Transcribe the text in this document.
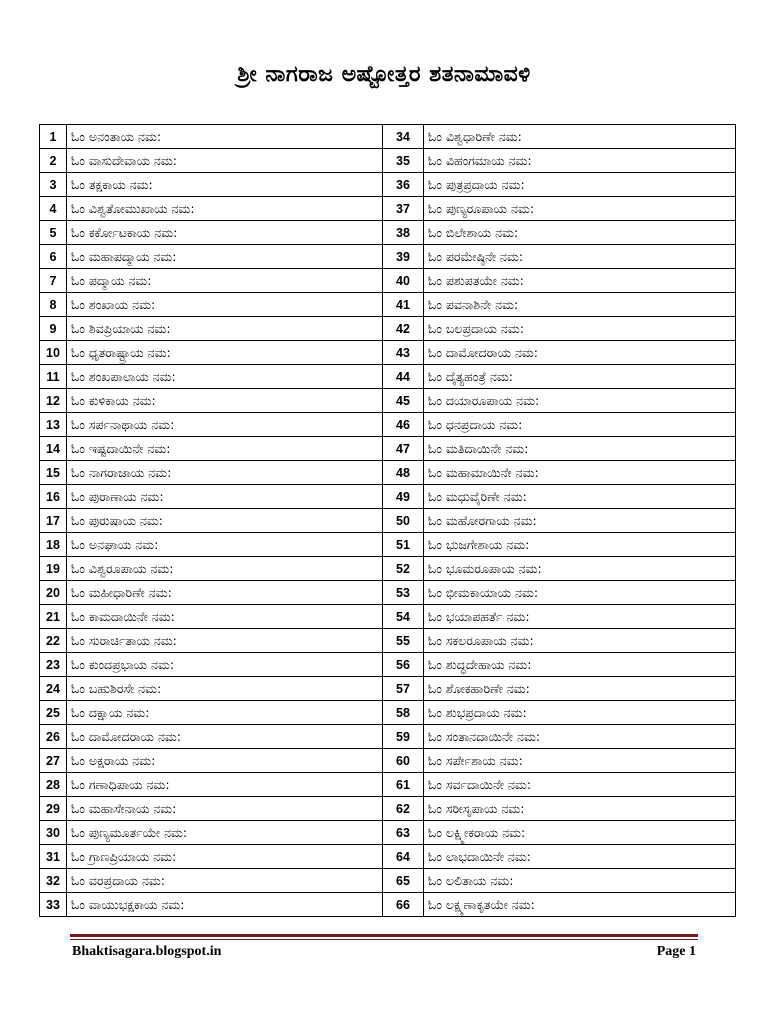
ಶ್ರೀ ನಾಗರಾಜ ಅಷ್ಟೋತ್ತರ ಶತನಾಮಾವಳಿ
1	ಓಂ ಅನಂತಾಯ ನಮ:	34	ಓಂ ವಿಶ್ವಧಾರಿಣೇ ನಮ:
2	ಓಂ ವಾಸುದೇವಾಯ ನಮ:	35	ಓಂ ವಿಹಂಗಮಾಯ ನಮ:
3	ಓಂ ತಕ್ಷಕಾಯ ನಮ:	36	ಓಂ ಪುತ್ರಪ್ರದಾಯ ನಮ:
4	ಓಂ ವಿಶ್ವತೋಮುಖಾಯ ನಮ:	37	ಓಂ ಪುಣ್ಯರೂಪಾಯ ನಮ:
5	ಓಂ ಕರ್ಕೋಟಕಾಯ ನಮ:	38	ಓಂ ಬಿಲೇಶಾಯ ನಮ:
6	ಓಂ ಮಹಾಪದ್ಮಾಯ ನಮ:	39	ಓಂ ಪರಮೇಷ್ಠಿನೇ ನಮ:
7	ಓಂ ಪದ್ಮಾಯ ನಮ:	40	ಓಂ ಪಶುಪತಯೇ ನಮ:
8	ಓಂ ಶಂಖಾಯ ನಮ:	41	ಓಂ ಪವನಾಶಿನೇ ನಮ:
9	ಓಂ ಶಿವಪ್ರಿಯಾಯ ನಮ:	42	ಓಂ ಬಲಪ್ರದಾಯ ನಮ:
10	ಓಂ ಧೃತರಾಷ್ಟ್ರಾಯ ನಮ:	43	ಓಂ ದಾಮೋದರಾಯ ನಮ:
11	ಓಂ ಶಂಖಪಾಲಾಯ ನಮ:	44	ಓಂ ದೈತ್ಯಹಂತ್ರೆ ನಮ:
12	ಓಂ ಕುಳಿಕಾಯ ನಮ:	45	ಓಂ ದಯಾರೂಪಾಯ ನಮ:
13	ಓಂ ಸರ್ಪನಾಥಾಯ ನಮ:	46	ಓಂ ಧನಪ್ರದಾಯ ನಮ:
14	ಓಂ ಇಷ್ಟದಾಯಿನೇ ನಮ:	47	ಓಂ ಮತಿದಾಯಿನೇ ನಮ:
15	ಓಂ ನಾಗರಾಜಾಯ ನಮ:	48	ಓಂ ಮಹಾಮಾಯಿನೇ ನಮ:
16	ಓಂ ಪುರಾಣಾಯ ನಮ:	49	ಓಂ ಮಧುವೈರಿಣೇ ನಮ:
17	ಓಂ ಪುರುಷಾಯ ನಮ:	50	ಓಂ ಮಹೋರಗಾಯ ನಮ:
18	ಓಂ ಅನಘಾಯ ನಮ:	51	ಓಂ ಭುಜಗೇಶಾಯ ನಮ:
19	ಓಂ ವಿಶ್ವರೂಪಾಯ ನಮ:	52	ಓಂ ಭೂಮರೂಪಾಯ ನಮ:
20	ಓಂ ಮಹೀಧಾರಿಣೇ ನಮ:	53	ಓಂ ಭೀಮಕಾಯಾಯ ನಮ:
21	ಓಂ ಕಾಮದಾಯಿನೇ ನಮ:	54	ಓಂ ಭಯಾಪಹರ್ತೆ ನಮ:
22	ಓಂ ಸುರಾರ್ಚಿತಾಯ ನಮ:	55	ಓಂ ಸಕಲರೂಪಾಯ ನಮ:
23	ಓಂ ಕುಂದಪ್ರಭಾಯ ನಮ:	56	ಓಂ ಶುದ್ಧದೇಹಾಯ ನಮ:
24	ಓಂ ಬಹುಶಿರಸೇ ನಮ:	57	ಓಂ ಶೋಕಹಾರಿಣೇ ನಮ:
25	ಓಂ ದಕ್ಷಾಯ ನಮ:	58	ಓಂ ಶುಭಪ್ರದಾಯ ನಮ:
26	ಓಂ ದಾಮೋದರಾಯ ನಮ:	59	ಓಂ ಸಂತಾನದಾಯಿನೇ ನಮ:
27	ಓಂ ಅಕ್ಷರಾಯ ನಮ:	60	ಓಂ ಸರ್ಪೇಶಾಯ ನಮ:
28	ಓಂ ಗಣಾಧಿಪಾಯ ನಮ:	61	ಓಂ ಸರ್ವದಾಯಿನೇ ನಮ:
29	ಓಂ ಮಹಾಸೇನಾಯ ನಮ:	62	ಓಂ ಸರೀಸೃಪಾಯ ನಮ:
30	ಓಂ ಪುಣ್ಯಮೂರ್ತಯೇ ನಮ:	63	ಓಂ ಲಕ್ಷ್ಮೀಕರಾಯ ನಮ:
31	ಓಂ ಗ್ರಾಣಪ್ರಿಯಾಯ ನಮ:	64	ಓಂ ಲಾಭದಾಯಿನೇ ನಮ:
32	ಓಂ ವರಪ್ರದಾಯ ನಮ:	65	ಓಂ ಲಲಿತಾಯ ನಮ:
33	ಓಂ ವಾಯುಭಕ್ಷಕಾಯ ನಮ:	66	ಓಂ ಲಕ್ಷ್ಮಣಾಕೃತಯೇ ನಮ:
Bhaktisagara.blogspot.in	Page 1
